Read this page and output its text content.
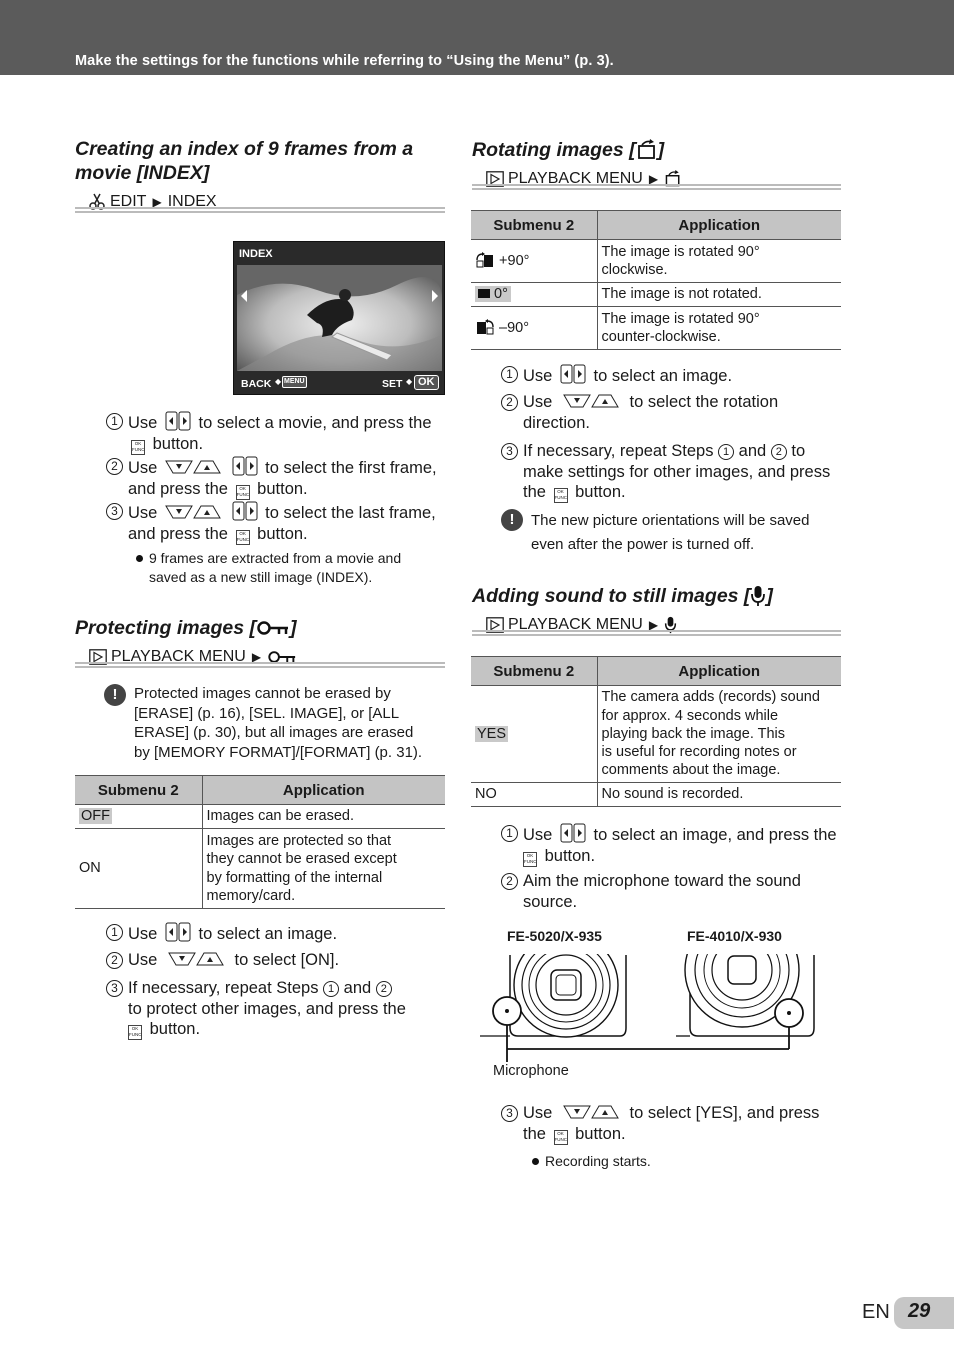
Make the settings for the functions while referring to “Using the Menu” (p. 3).
Creating an index of 9 frames from a
movie [INDEX]
EDIT ▶ INDEX
INDEX
BACK ◆ MENU	SET ◆ OK
1 Use to select a movie, and press the
OK
FUNC button.
2 Use	to select the first frame,
and press the	OK
FUNC button.
3 Use	to select the last frame,
and press the	OK
FUNC button.
9 frames are extracted from a movie and
saved as a new still image (INDEX).
Protecting images [ ]
PLAYBACK MENU ▶
!	Protected images cannot be erased by
[ERASE] (p. 16), [SEL. IMAGE], or [ALL
ERASE] (p. 30), but all images are erased
by [MEMORY FORMAT]/[FORMAT] (p. 31).
Submenu 2	Application
OFF	Images can be erased.
ON	Images are protected so that
they cannot be erased except
by formatting of the internal
memory/card.
1 Use to select an image.
2 Use	to select [ON].
3 If necessary, repeat Steps 1 and 2
to protect other images, and press the
OK
FUNC button.
Rotating images [ ]
PLAYBACK MENU ▶
Submenu 2	Application
+90°	The image is rotated 90°
clockwise.

0°	The image is not rotated.
–90°	The image is rotated 90°
counter-clockwise.
1 Use to select an image.
2 Use	to select the rotation
direction.
3 If necessary, repeat Steps 1 and 2 to
make settings for other images, and press
the	OK
FUNC button.
!	The new picture orientations will be saved
even after the power is turned off.
Adding sound to still images [ ]
PLAYBACK MENU ▶
Submenu 2	Application
YES	The camera adds (records) sound
for approx. 4 seconds while
playing back the image. This
is useful for recording notes or
comments about the image.

NO	No sound is recorded.
1 Use to select an image, and press the
OK
FUNC button.
2 Aim the microphone toward the sound
source.
FE-5020/X-935	FE-4010/X-930
Microphone
3 Use	to select [YES], and press
the	OK
FUNC button.
Recording starts.
EN 29
